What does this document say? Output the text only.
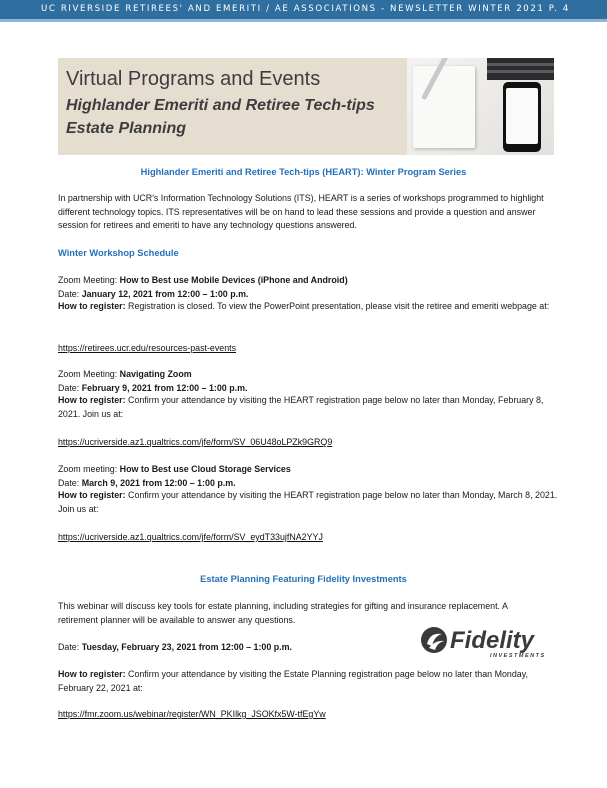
UC RIVERSIDE RETIREES' AND EMERITI / AE ASSOCIATIONS - NEWSLETTER WINTER 2021 P. 4
Virtual Programs and Events
Highlander Emeriti and Retiree Tech-tips
Estate Planning
Highlander Emeriti and Retiree Tech-tips (HEART): Winter Program Series
In partnership with UCR's Information Technology Solutions (ITS), HEART is a series of workshops programmed to highlight different technology topics. ITS representatives will be on hand to lead these sessions and provide a question and answer session for retirees and emeriti to have any technology questions answered.
Winter Workshop Schedule
Zoom Meeting: How to Best use Mobile Devices (iPhone and Android)
Date: January 12, 2021 from 12:00 – 1:00 p.m.
How to register: Registration is closed. To view the PowerPoint presentation, please visit the retiree and emeriti webpage at:
https://retirees.ucr.edu/resources-past-events
Zoom Meeting: Navigating Zoom
Date: February 9, 2021 from 12:00 – 1:00 p.m.
How to register: Confirm your attendance by visiting the HEART registration page below no later than Monday, February 8, 2021. Join us at:
https://ucriverside.az1.qualtrics.com/jfe/form/SV_06U48oLPZk9GRQ9
Zoom meeting: How to Best use Cloud Storage Services
Date: March 9, 2021 from 12:00 – 1:00 p.m.
How to register: Confirm your attendance by visiting the HEART registration page below no later than Monday, March 8, 2021. Join us at:
https://ucriverside.az1.qualtrics.com/jfe/form/SV_eydT33ujfNA2YYJ
Estate Planning Featuring Fidelity Investments
This webinar will discuss key tools for estate planning, including strategies for gifting and insurance replacement. A retirement planner will be available to answer any questions.
Date: Tuesday, February 23, 2021 from 12:00 – 1:00 p.m.
How to register: Confirm your attendance by visiting the Estate Planning registration page below no later than Monday, February 22, 2021 at:
https://fmr.zoom.us/webinar/register/WN_PKIlkg_JSOKfx5W-tfEgYw
Fidelity
INVESTMENTS
